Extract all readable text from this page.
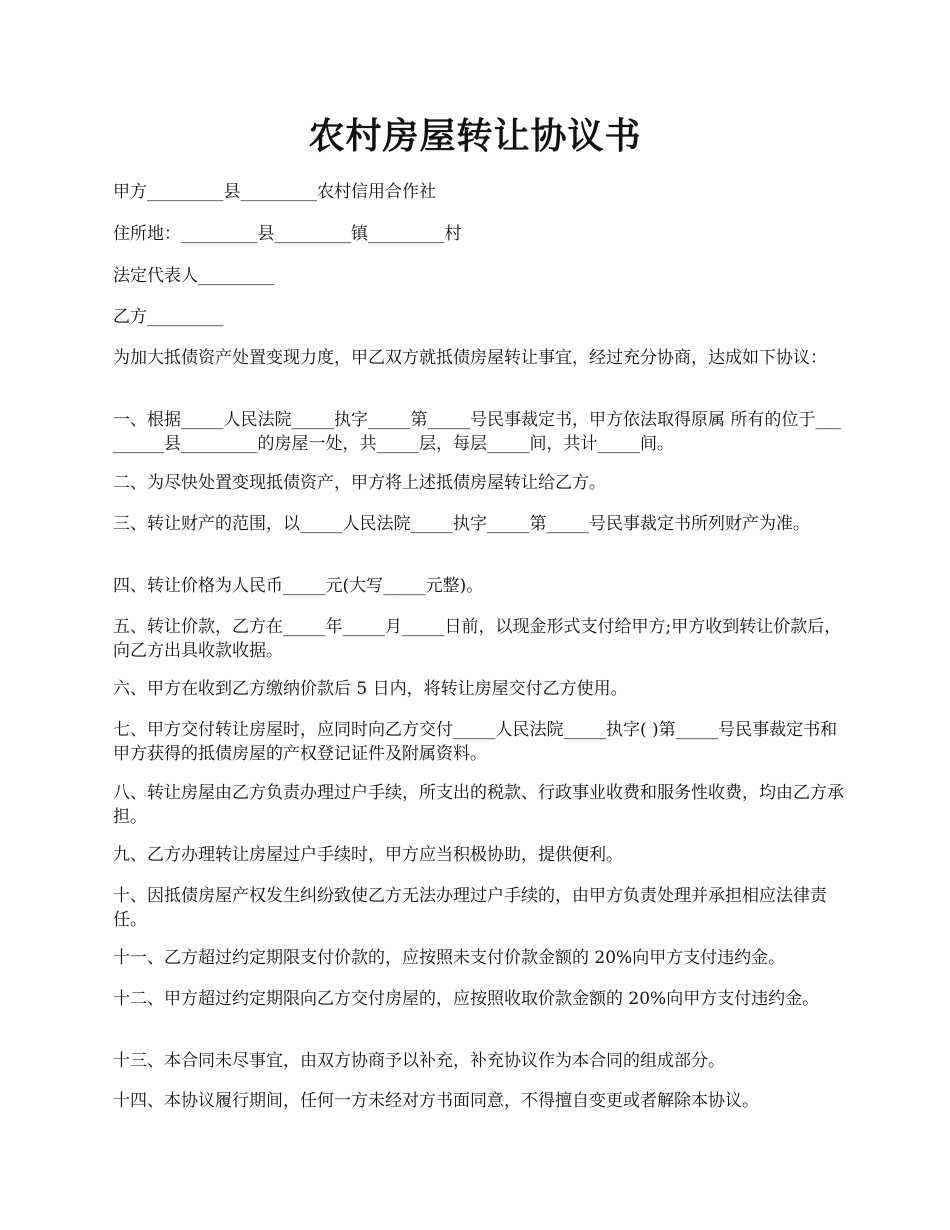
农村房屋转让协议书

甲方_________县_________农村信用合作社

住所地：_________县_________镇_________村

法定代表人_________

乙方_________

为加大抵债资产处置变现力度，甲乙双方就抵债房屋转让事宜，经过充分协商，达成如下协议：

一、根据_____人民法院_____执字_____第_____号民事裁定书，甲方依法取得原属 所有的位于_________县_________的房屋一处，共_____层，每层_____间，共计_____间。

二、为尽快处置变现抵债资产，甲方将上述抵债房屋转让给乙方。

三、转让财产的范围，以_____人民法院_____执字_____第_____号民事裁定书所列财产为准。

四、转让价格为人民币_____元(大写_____元整)。

五、转让价款，乙方在_____年_____月_____日前，以现金形式支付给甲方;甲方收到转让价款后，向乙方出具收款收据。

六、甲方在收到乙方缴纳价款后 5 日内，将转让房屋交付乙方使用。

七、甲方交付转让房屋时，应同时向乙方交付_____人民法院_____执字( )第_____号民事裁定书和甲方获得的抵债房屋的产权登记证件及附属资料。

八、转让房屋由乙方负责办理过户手续，所支出的税款、行政事业收费和服务性收费，均由乙方承担。

九、乙方办理转让房屋过户手续时，甲方应当积极协助，提供便利。

十、因抵债房屋产权发生纠纷致使乙方无法办理过户手续的，由甲方负责处理并承担相应法律责任。

十一、乙方超过约定期限支付价款的，应按照未支付价款金额的 20%向甲方支付违约金。

十二、甲方超过约定期限向乙方交付房屋的，应按照收取价款金额的 20%向甲方支付违约金。

十三、本合同未尽事宜，由双方协商予以补充，补充协议作为本合同的组成部分。

十四、本协议履行期间，任何一方未经对方书面同意，不得擅自变更或者解除本协议。
